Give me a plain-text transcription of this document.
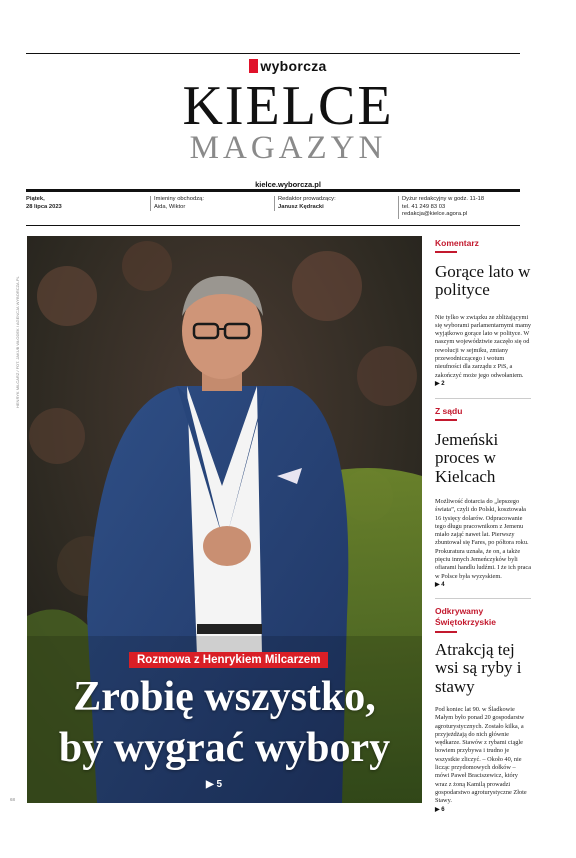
wyborcza
KIELCE
MAGAZYN
kielce.wyborcza.pl
Piątek,
28 lipca 2023
Imieniny obchodzą:
Aida, Wiktor
Redaktor prowadzący:
Janusz Kędracki
Dyżur redakcyjny w godz. 11-18
tel. 41 249 83 03
redakcja@kielce.agora.pl
HENRYK MILCARZ / FOT. JAKUB WŁODEK / AGENCJA WYBORCZA.PL
Rozmowa z Henrykiem Milcarzem
Zrobię wszystko,
by wygrać wybory
▶ 5
68
Komentarz
Gorące lato w polityce
Nie tylko w związku ze zbliżającymi się wyborami parlamentarnymi mamy wyjątkowo gorące lato w polityce. W naszym województwie zaczęło się od rewolucji w sejmiku, zmiany przewodniczącego i wotum nieufności dla zarządu z PiS, a zakończyć może jego odwołaniem.
▶ 2
Z sądu
Jemeński proces w Kielcach
Możliwość dotarcia do „lepszego świata”, czyli do Polski, kosztowała 16 tysięcy dolarów. Odpracowanie tego długu pracownikom z Jemenu miało zająć nawet lat. Pierwszy zbuntował się Fares, po półtora roku. Prokuratura uznała, że on, a także pięciu innych Jemeńczyków byli ofiarami handlu ludźmi. I że ich praca w Polsce była wyzyskiem.
▶ 4
Odkrywamy Świętokrzyskie
Atrakcją tej wsi są ryby i stawy
Pod koniec lat 90. w Śladkowie Małym było ponad 20 gospodarstw agroturystycznych. Zostało kilka, a przyjeżdżają do nich głównie wędkarze. Stawów z rybami ciągle bowiem przybywa i trudno je wszystkie zliczyć. – Około 40, nie licząc przydomowych dołków – mówi Paweł Braciszewicz, który wraz z żoną Kamilą prowadzi gospodarstwo agroturystyczne Złote Stawy.
▶ 6
